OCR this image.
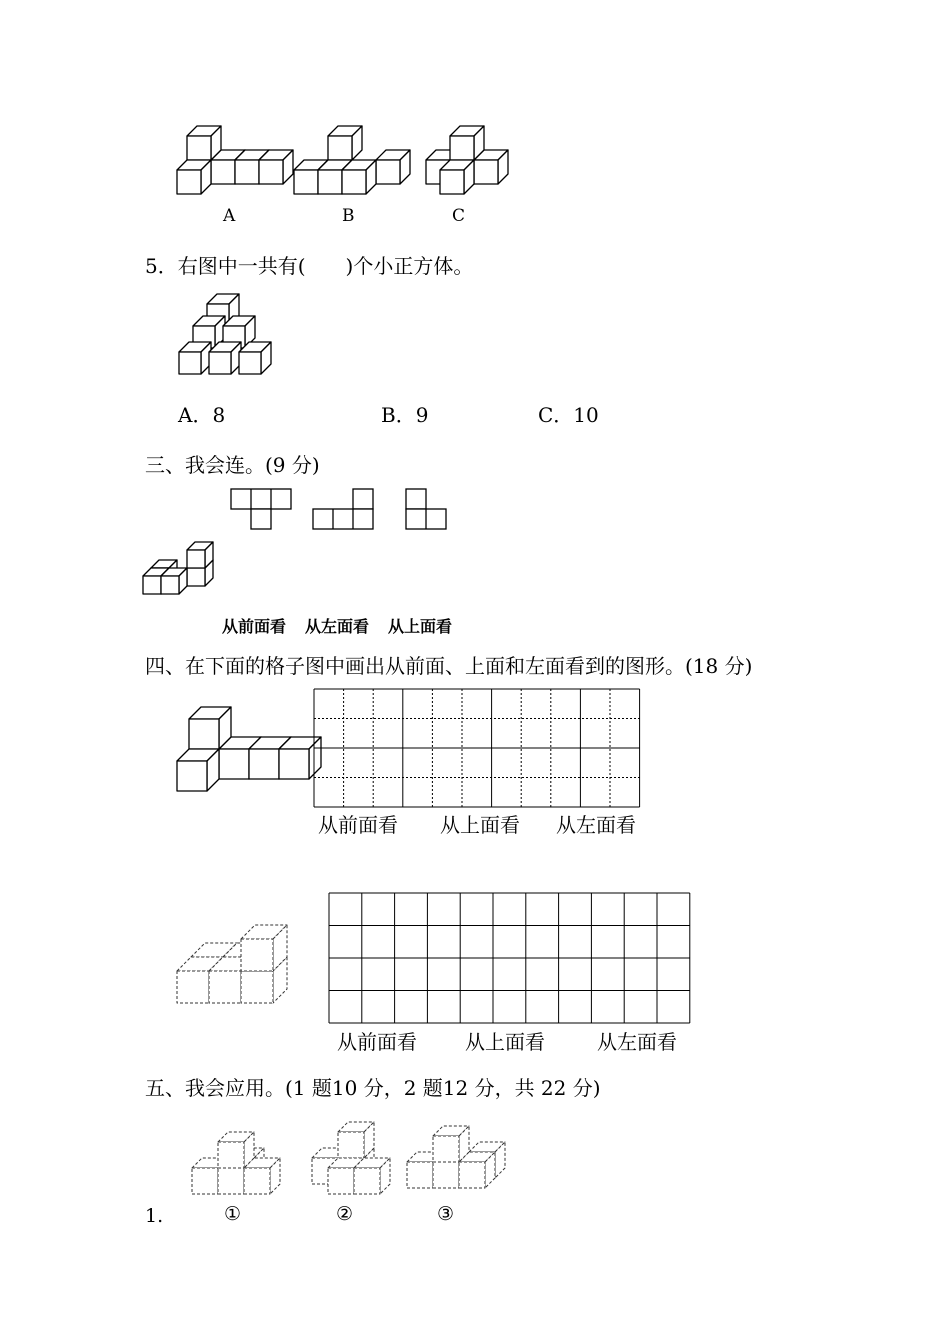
A	B	C
5．右图中一共有(　　)个小正方体。
A．8	B．9	C．10
三、我会连。(9 分)
从前面看 从左面看 从上面看
四、在下面的格子图中画出从前面、上面和左面看到的图形。(18 分)
从前面看 从上面看 从左面看
从前面看 从上面看	从左面看
五、我会应用。(1 题10 分，2 题12 分，共 22 分)
1.	①	②	③
